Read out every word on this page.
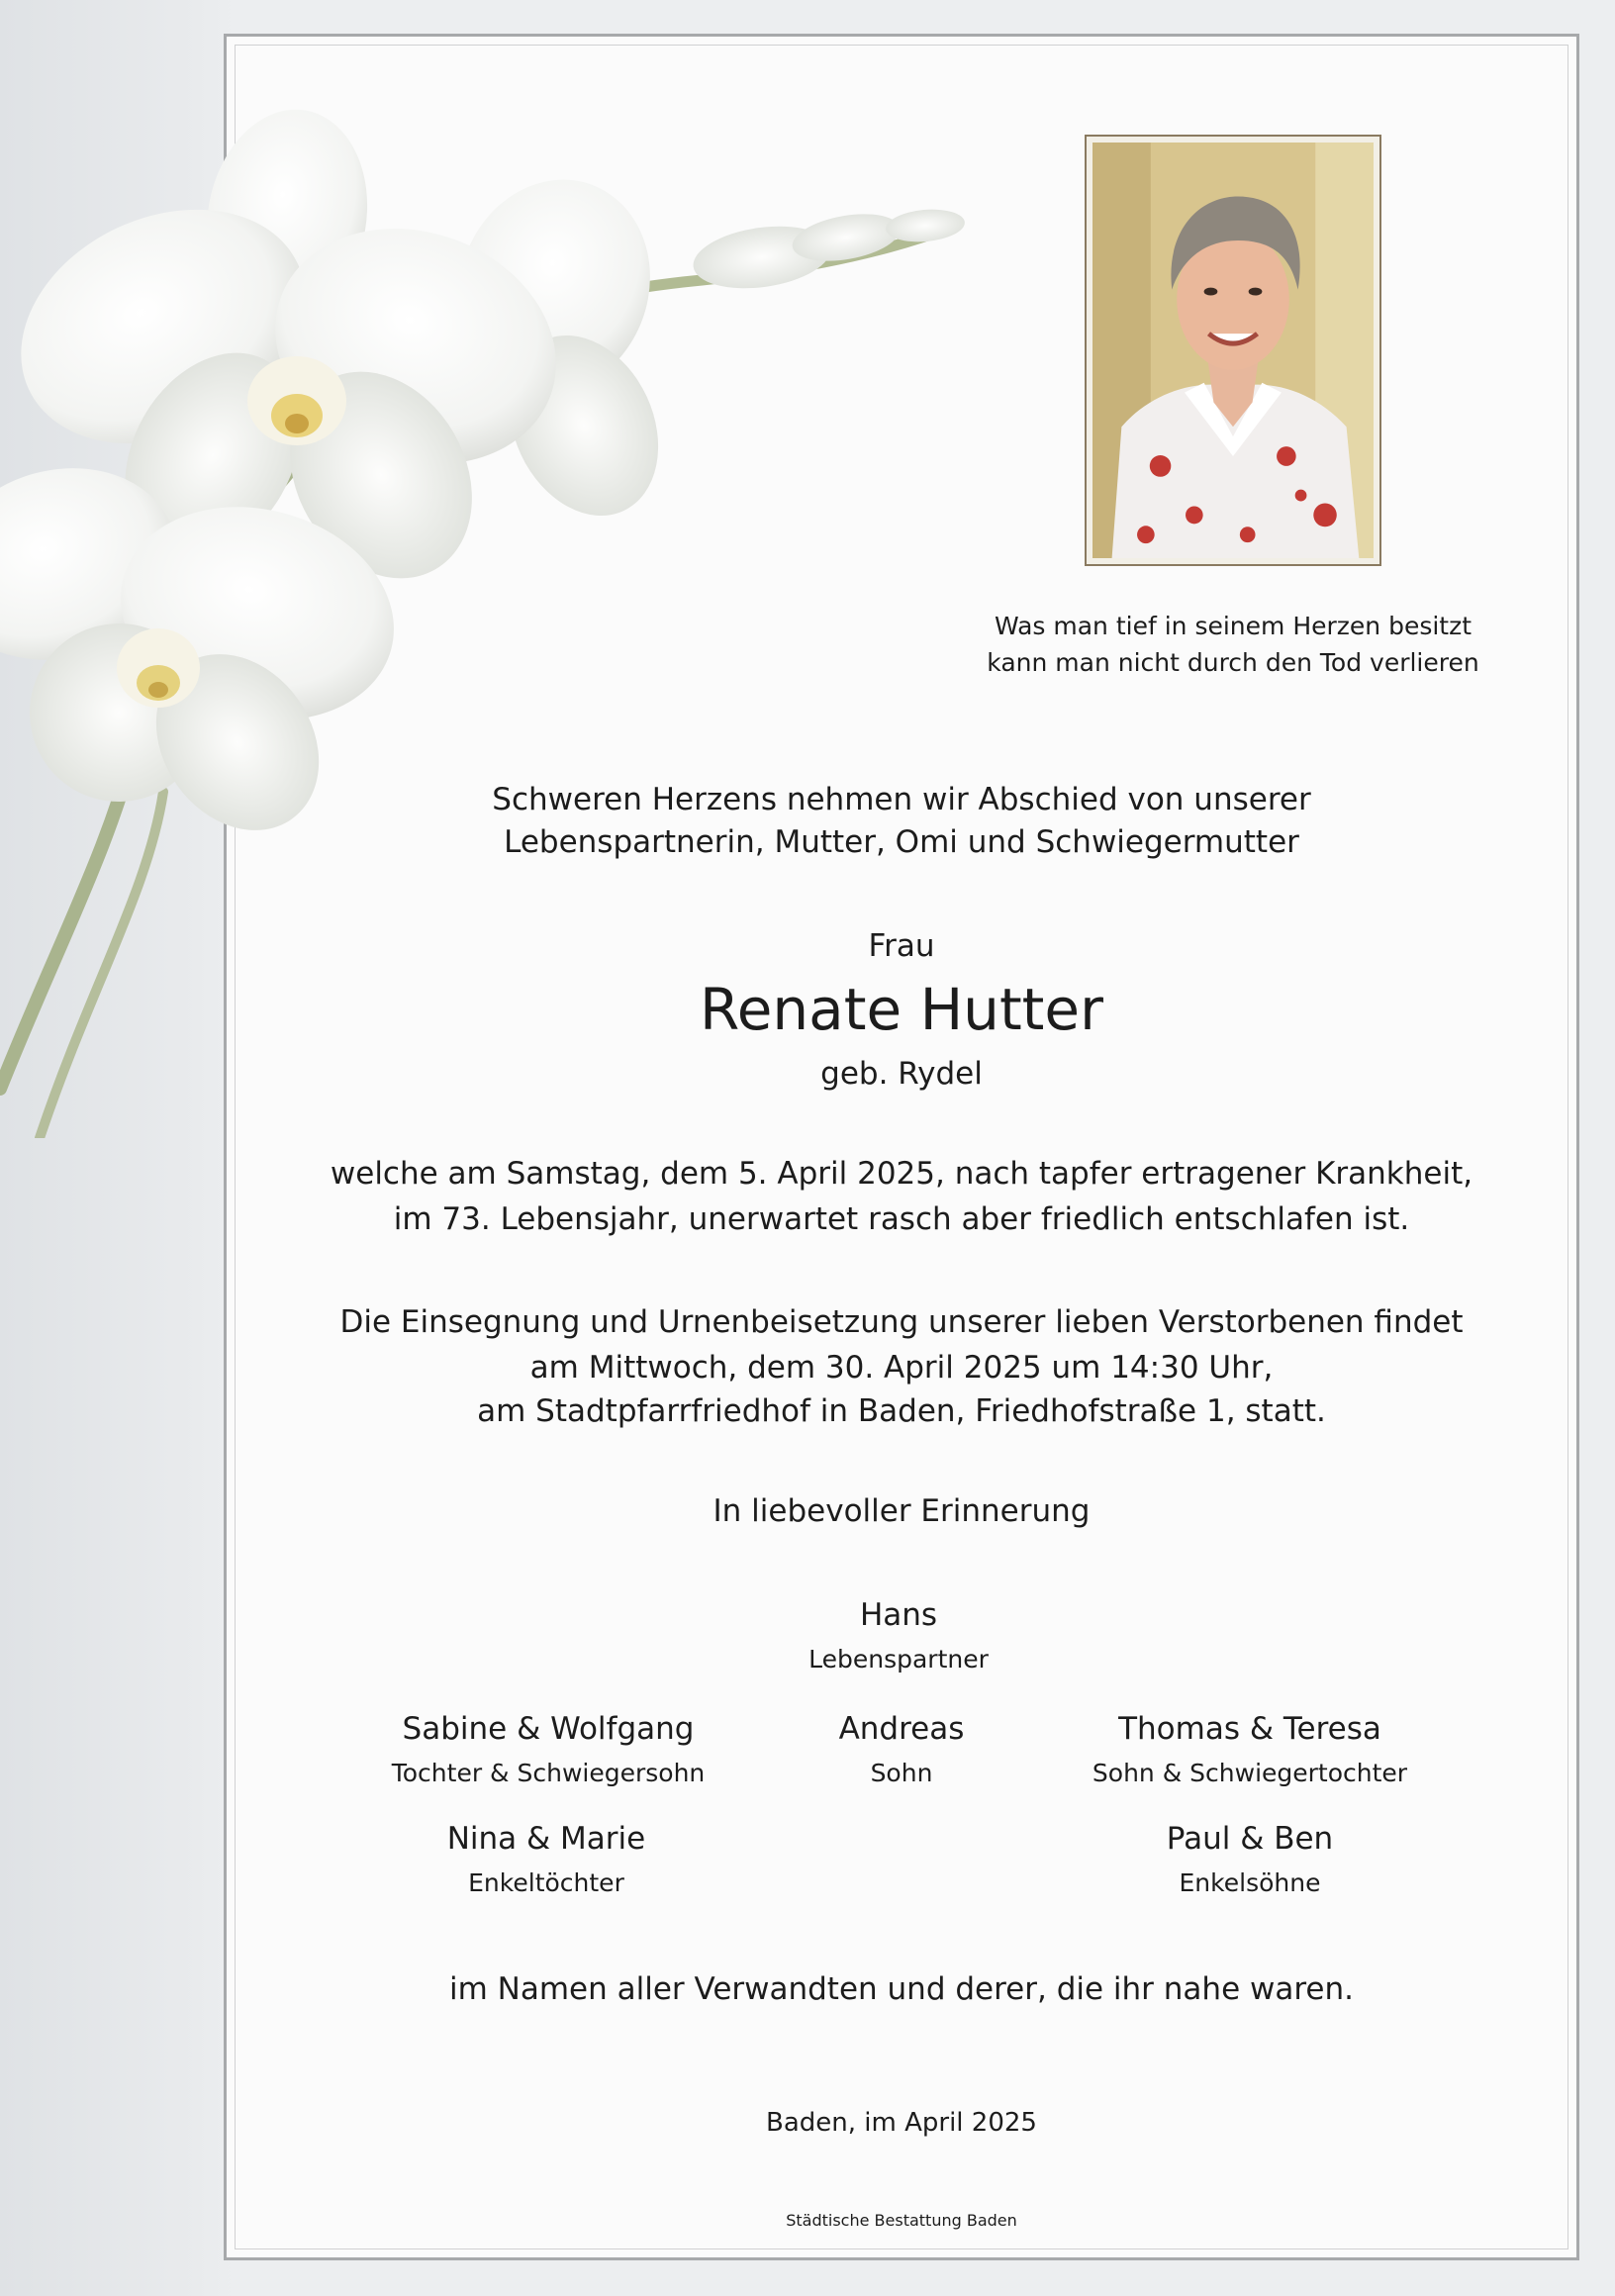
Was man tief in seinem Herzen besitzt

kann man nicht durch den Tod verlieren

Schweren Herzens nehmen wir Abschied von unserer

Lebenspartnerin, Mutter, Omi und Schwiegermutter

Frau

Renate Hutter

geb. Rydel

welche am Samstag, dem 5. April 2025, nach tapfer ertragener Krankheit,

im 73. Lebensjahr, unerwartet rasch aber friedlich entschlafen ist.

Die Einsegnung und Urnenbeisetzung unserer lieben Verstorbenen findet

am Mittwoch, dem 30. April 2025 um 14:30 Uhr,

am Stadtpfarrfriedhof in Baden, Friedhofstraße 1, statt.

In liebevoller Erinnerung

Hans

Lebenspartner

Sabine & Wolfgang

Tochter & Schwiegersohn

Andreas

Sohn

Thomas & Teresa

Sohn & Schwiegertochter

Nina & Marie

Enkeltöchter

Paul & Ben

Enkelsöhne

im Namen aller Verwandten und derer, die ihr nahe waren.

Baden, im April 2025

Städtische Bestattung Baden
